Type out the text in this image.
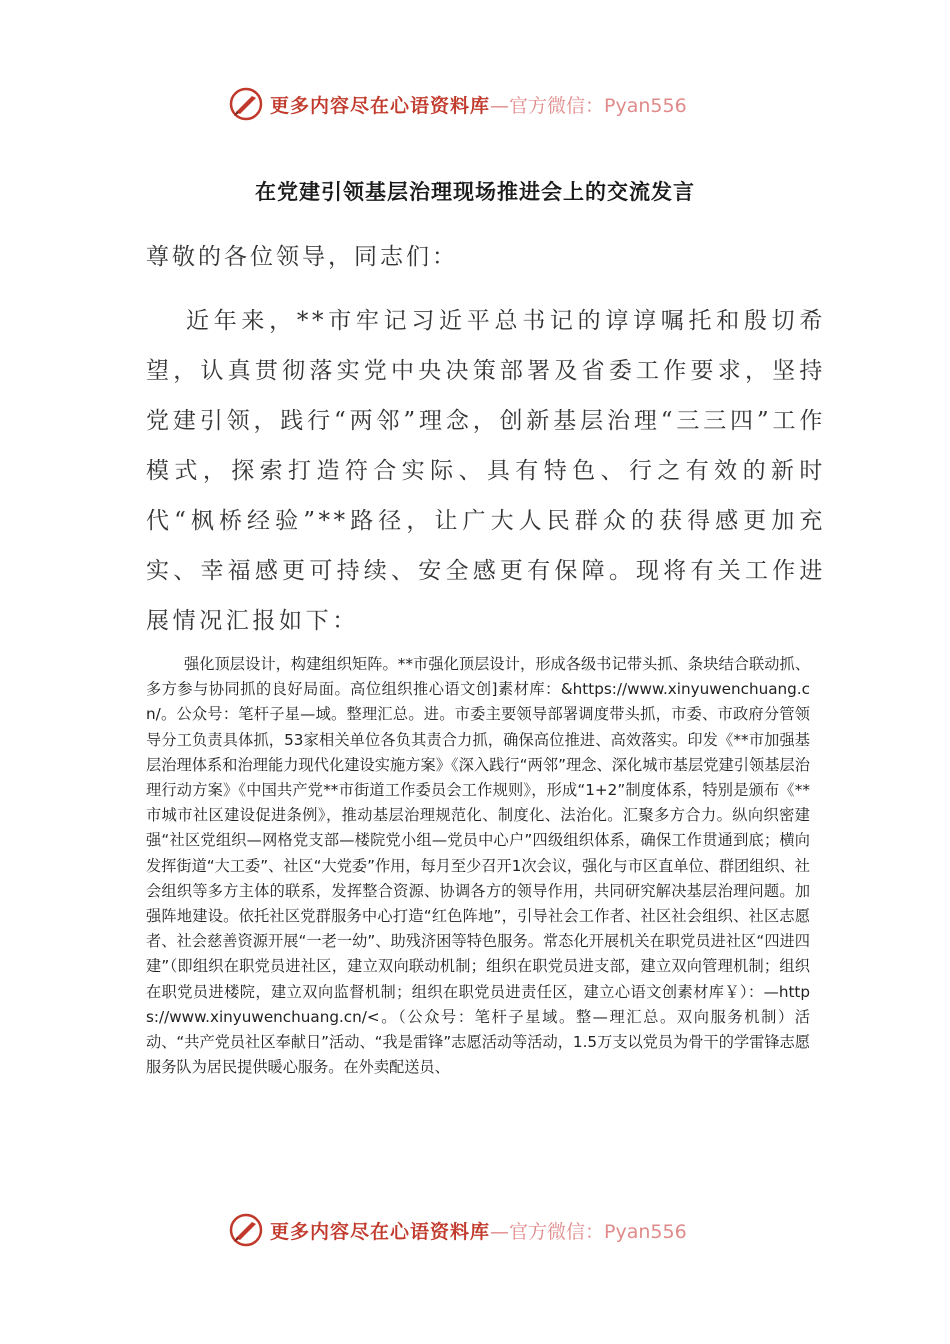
更多内容尽在心语资料库 —官方微信：Pyan556
在党建引领基层治理现场推进会上的交流发言
尊敬的各位领导，同志们：

近年来，**市牢记习近平总书记的谆谆嘱托和殷切希望，认真贯彻落实党中央决策部署及省委工作要求，坚持党建引领，践行“两邻”理念，创新基层治理“三三四”工作模式，探索打造符合实际、具有特色、行之有效的新时代“枫桥经验”**路径，让广大人民群众的获得感更加充实、幸福感更可持续、安全感更有保障。现将有关工作进展情况汇报如下：

强化顶层设计，构建组织矩阵。**市强化顶层设计，形成各级书记带头抓、条块结合联动抓、多方参与协同抓的良好局面。高位组织推心语文创]素材库：&https://www.xinyuwenchuang.cn/。公众号：笔杆子星—域。整理汇总。进。市委主要领导部署调度带头抓，市委、市政府分管领导分工负责具体抓，53家相关单位各负其责合力抓，确保高位推进、高效落实。印发《**市加强基层治理体系和治理能力现代化建设实施方案》《深入践行“两邻”理念、深化城市基层党建引领基层治理行动方案》《中国共产党**市街道工作委员会工作规则》，形成“1+2”制度体系，特别是颁布《**市城市社区建设促进条例》，推动基层治理规范化、制度化、法治化。汇聚多方合力。纵向织密建强“社区党组织—网格党支部—楼院党小组—党员中心户”四级组织体系，确保工作贯通到底；横向发挥街道“大工委”、社区“大党委”作用，每月至少召开1次会议，强化与市区直单位、群团组织、社会组织等多方主体的联系，发挥整合资源、协调各方的领导作用，共同研究解决基层治理问题。加强阵地建设。依托社区党群服务中心打造“红色阵地”，引导社会工作者、社区社会组织、社区志愿者、社会慈善资源开展“一老一幼”、助残济困等特色服务。常态化开展机关在职党员进社区“四进四建”（即组织在职党员进社区，建立双向联动机制；组织在职党员进支部，建立双向管理机制；组织在职党员进楼院，建立双向监督机制；组织在职党员进责任区，建立心语文创素材库￥）：—https://www.xinyuwenchuang.cn/<。（公众号：笔杆子星域。整—理汇总。双向服务机制）活动、“共产党员社区奉献日”活动、“我是雷锋”志愿活动等活动，1.5万支以党员为骨干的学雷锋志愿服务队为居民提供暖心服务。在外卖配送员、

更多内容尽在心语资料库 —官方微信：Pyan556
